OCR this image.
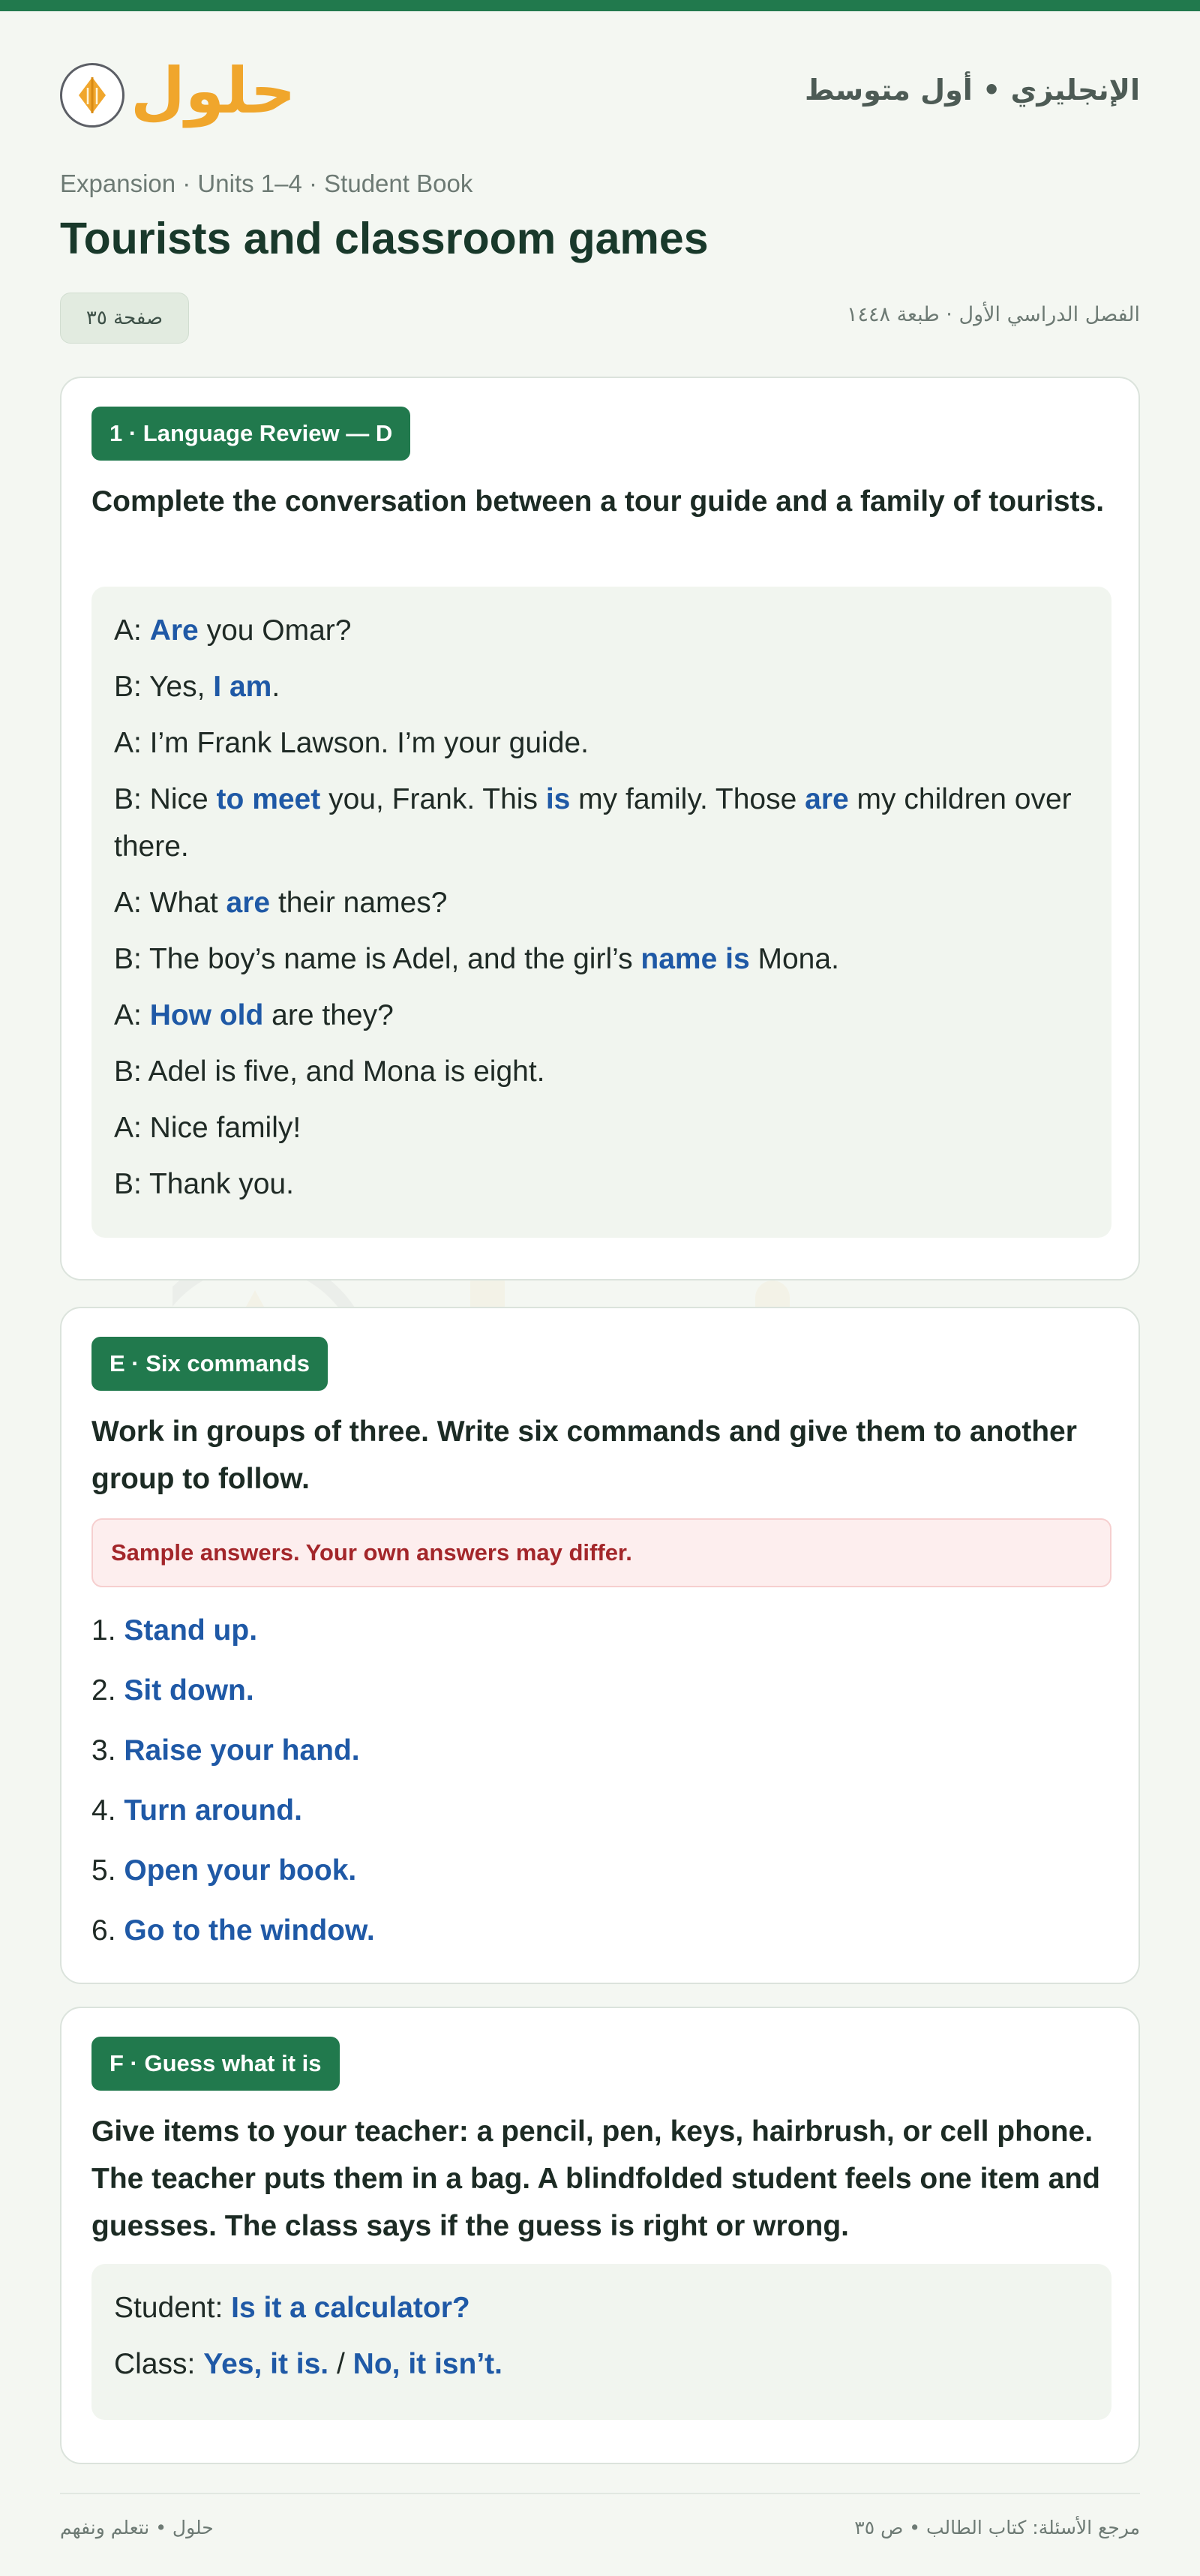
حلول	الإنجليزي • أول متوسط
Expansion · Units 1–4 · Student Book
Tourists and classroom games
صفحة ٣٥	الفصل الدراسي الأول · طبعة ١٤٤٨
1 · Language Review — D

Complete the conversation between a tour guide and a family of tourists.

A: Are you Omar?
B: Yes, I am.
A: I’m Frank Lawson. I’m your guide.
B: Nice to meet you, Frank. This is my family. Those are my children over there.
A: What are their names?
B: The boy’s name is Adel, and the girl’s name is Mona.
A: How old are they?
B: Adel is five, and Mona is eight.
A: Nice family!
B: Thank you.
E · Six commands

Work in groups of three. Write six commands and give them to another group to follow.

Sample answers. Your own answers may differ.
1. Stand up.
2. Sit down.
3. Raise your hand.
4. Turn around.
5. Open your book.
6. Go to the window.
F · Guess what it is

Give items to your teacher: a pencil, pen, keys, hairbrush, or cell phone. The teacher puts them in a bag. A blindfolded student feels one item and guesses. The class says if the guess is right or wrong.

Student: Is it a calculator?
Class: Yes, it is. / No, it isn’t.
حلول • نتعلم ونفهم	مرجع الأسئلة: كتاب الطالب • ص ٣٥
